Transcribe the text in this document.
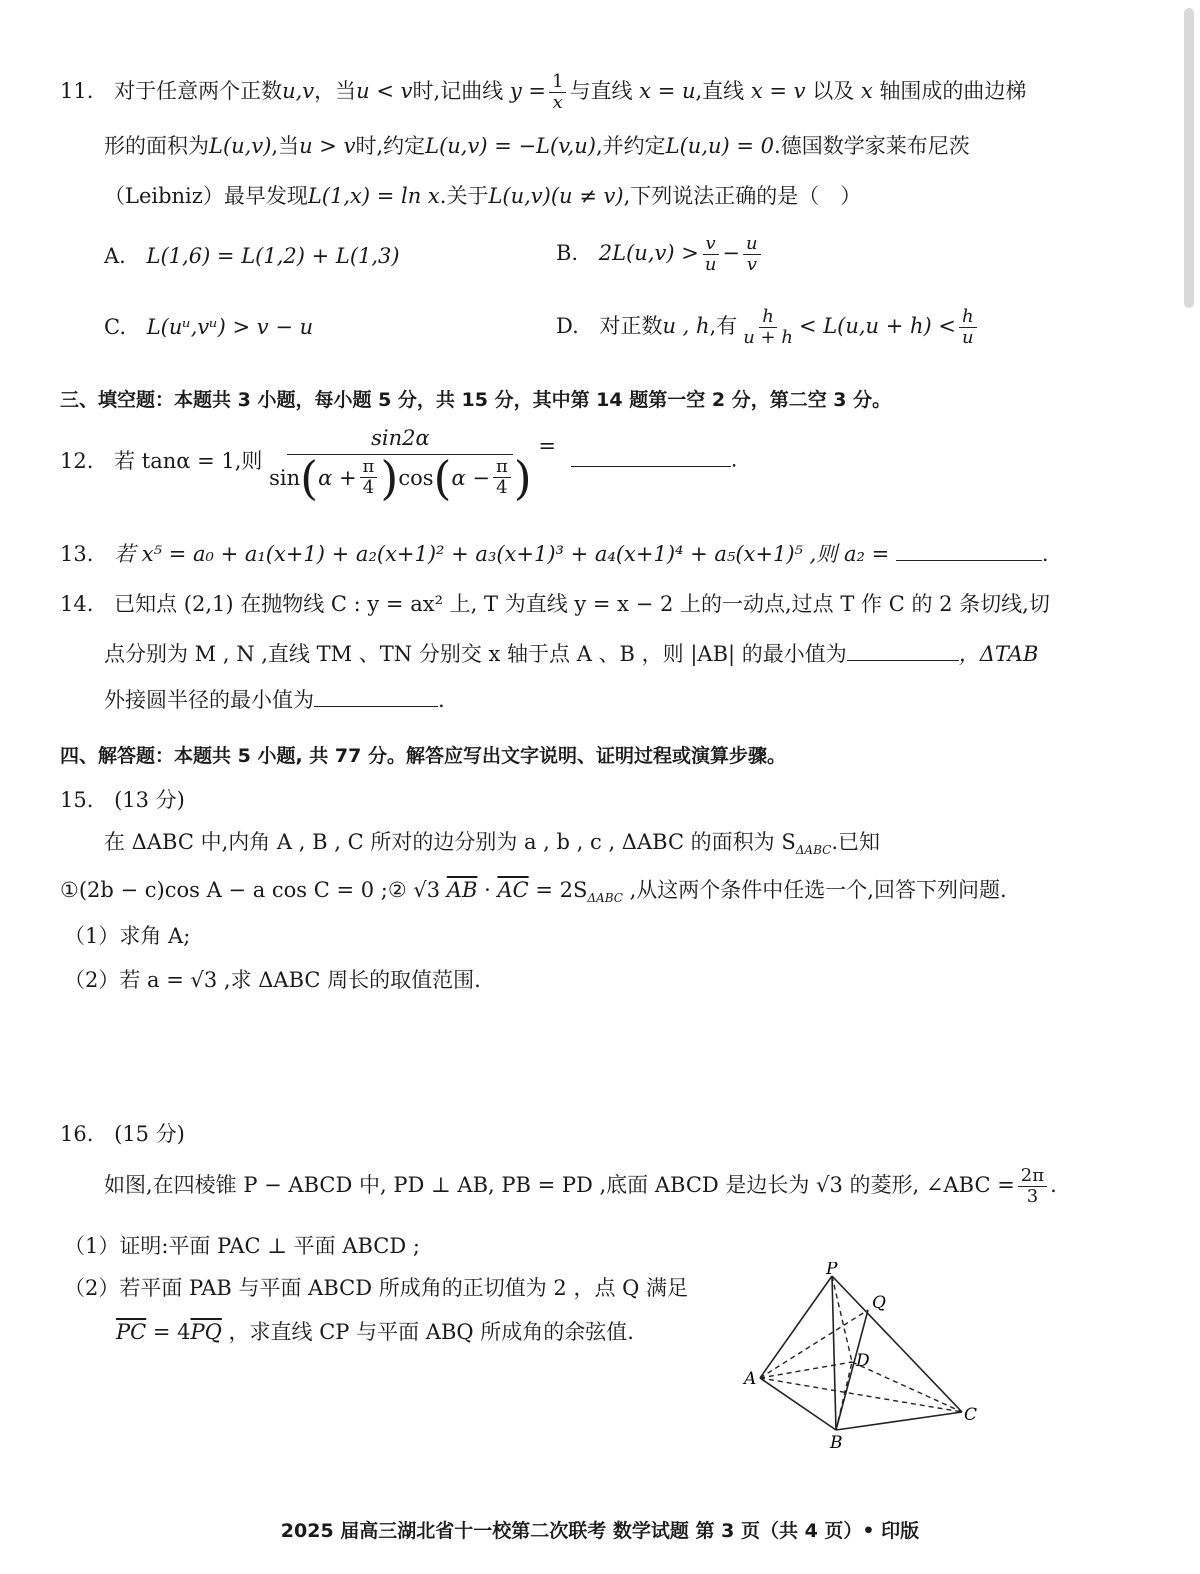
11. 对于任意两个正数u,v，当u < v时,记曲线 $y = \frac{1}{x}$ 与直线 x = u,直线 x = v 以及 x 轴围成的曲边梯
形的面积为L(u,v),当u > v时,约定L(u,v) = −L(v,u),并约定L(u,u) = 0.德国数学家莱布尼茨
（Leibniz）最早发现L(1,x) = ln x.关于L(u,v)(u ≠ v),下列说法正确的是（　）
A. L(1,6) = L(1,2) + L(1,3)	B. $2L(u,v) > \frac{v}{u} - \frac{u}{v}$
C. L(uᵘ,vᵘ) > v − u	D. 对正数u , h,有 $\frac{h}{u + h} < L(u,u + h) < \frac{h}{u}$
三、填空题：本题共 3 小题，每小题 5 分，共 15 分，其中第 14 题第一空 2 分，第二空 3 分。
12. 若 tanα = 1,则 $\frac{\sin 2\alpha}{\sin ( \alpha + \frac{\pi}{4} ) \cos ( \alpha - \frac{\pi}{4} )}$ = .
13. 若 x⁵ = a₀ + a₁(x+1) + a₂(x+1)² + a₃(x+1)³ + a₄(x+1)⁴ + a₅(x+1)⁵ ,则 a₂ =	.
14. 已知点 (2,1) 在抛物线 C : y = ax² 上, T 为直线 y = x − 2 上的一动点,过点 T 作 C 的 2 条切线,切
点分别为 M , N ,直线 TM 、TN 分别交 x 轴于点 A 、B ，则 |AB| 的最小值为	，ΔTAB
外接圆半径的最小值为	.
四、解答题：本题共 5 小题, 共 77 分。解答应写出文字说明、证明过程或演算步骤。
15. (13 分)
在 ΔABC 中,内角 A , B , C 所对的边分别为 a , b , c , ΔABC 的面积为 $S_{\Delta ABC}$.已知
①(2b − c)cos A − a cos C = 0 ;② √3 $\overline{AB} \cdot \overline{AC} = 2S_{\Delta ABC}$ ,从这两个条件中任选一个,回答下列问题.
（1）求角 A;
（2）若 a = √3 ,求 ΔABC 周长的取值范围.
16. (15 分)
如图,在四棱锥 P − ABCD 中, PD ⊥ AB, PB = PD ,底面 ABCD 是边长为 √3 的菱形, ∠ABC = $\frac{2\pi}{3}$ .
（1）证明:平面 PAC ⊥ 平面 ABCD ;
（2）若平面 PAB 与平面 ABCD 所成角的正切值为 2 ，点 Q 满足
$\overline{PC} = 4\overline{PQ}$ ，求直线 CP 与平面 ABQ 所成角的余弦值.
P
Q
D
A
B
C
2025 届高三湖北省十一校第二次联考 数学试题 第 3 页（共 4 页）• 印版
